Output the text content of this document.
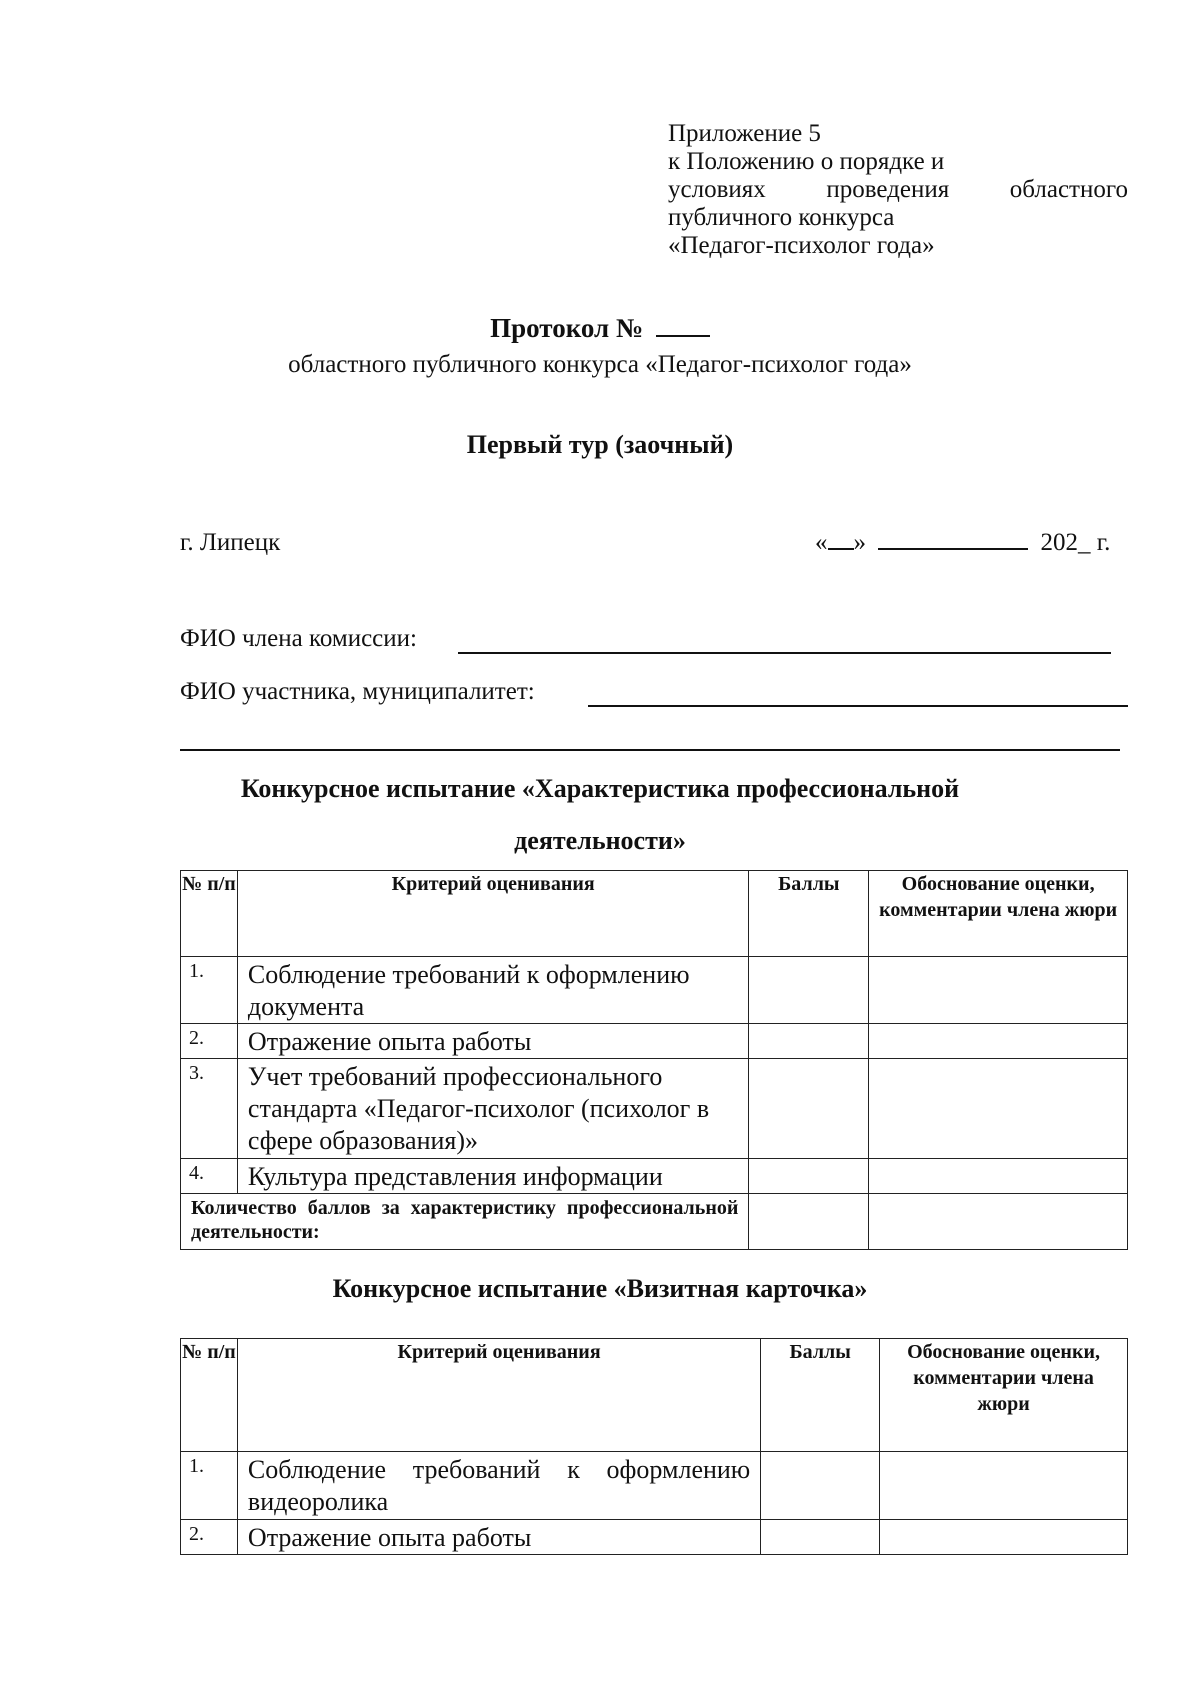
Приложение 5
к Положению о порядке и
условиях проведения областного
публичного конкурса
«Педагог-психолог года»
Протокол №
областного публичного конкурса «Педагог-психолог года»
Первый тур (заочный)
г. Липецк	« »	202_ г.
ФИО члена комиссии:
ФИО участника, муниципалитет:
Конкурсное испытание «Характеристика профессиональной
деятельности»
№ п/п	Критерий оценивания	Баллы	Обоснование оценки, комментарии члена жюри
1.	Соблюдение требований к оформлению документа		
2.	Отражение опыта работы		
3.	Учет требований профессионального стандарта «Педагог-психолог (психолог в сфере образования)»		
4.	Культура представления информации		
Количество баллов за характеристику профессиональной деятельности:			
Конкурсное испытание «Визитная карточка»
№ п/п	Критерий оценивания	Баллы	Обоснование оценки, комментарии члена жюри
1.	Соблюдение требований к оформлению видеоролика		
2.	Отражение опыта работы		
